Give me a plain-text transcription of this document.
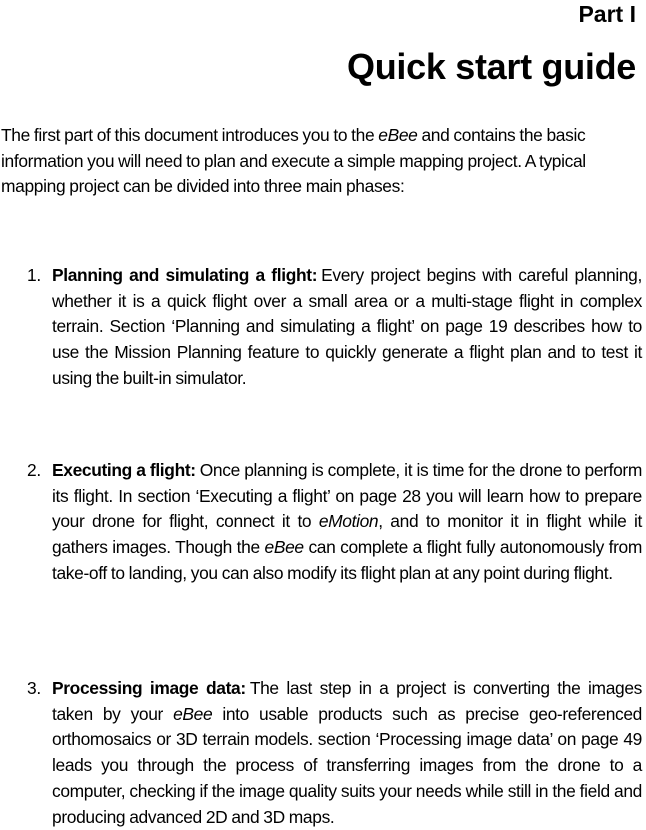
Part I
Quick start guide

The first part of this document introduces you to the eBee and contains the basic information you will need to plan and execute a simple mapping project. A typical mapping project can be divided into three main phases:

1. Planning and simulating a flight: Every project begins with careful planning, whether it is a quick flight over a small area or a multi-stage flight in complex terrain. Section ‘Planning and simulating a flight’ on page 19 describes how to use the Mission Planning feature to quickly generate a flight plan and to test it using the built-in simulator.
2. Executing a flight: Once planning is complete, it is time for the drone to perform its flight. In section ‘Executing a flight’ on page 28 you will learn how to prepare your drone for flight, connect it to eMotion, and to monitor it in flight while it gathers images. Though the eBee can complete a flight fully autonomously from take-off to landing, you can also modify its flight plan at any point during flight.
3. Processing image data: The last step in a project is converting the images taken by your eBee into usable products such as precise geo-referenced orthomosaics or 3D terrain models. section ‘Processing image data’ on page 49 leads you through the process of transferring images from the drone to a computer, checking if the image quality suits your needs while still in the field and producing advanced 2D and 3D maps.
